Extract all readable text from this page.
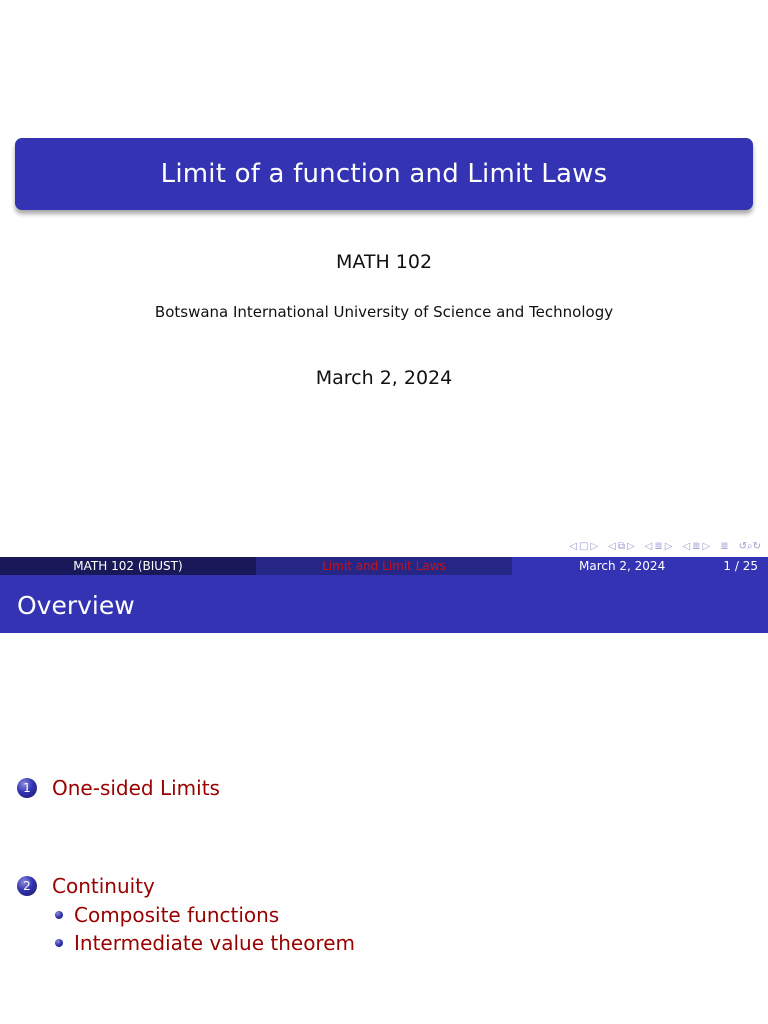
Limit of a function and Limit Laws
MATH 102
Botswana International University of Science and Technology
March 2, 2024
◁ □ ▷ ◁ ⧉ ▷ ◁ ≣ ▷ ◁ ≣ ▷ ≣ ↺⌕↻
MATH 102 (BIUST)	Limit and Limit Laws	March 2, 2024	1 / 25
Overview
1	One-sided Limits
2	Continuity
Composite functions
Intermediate value theorem
